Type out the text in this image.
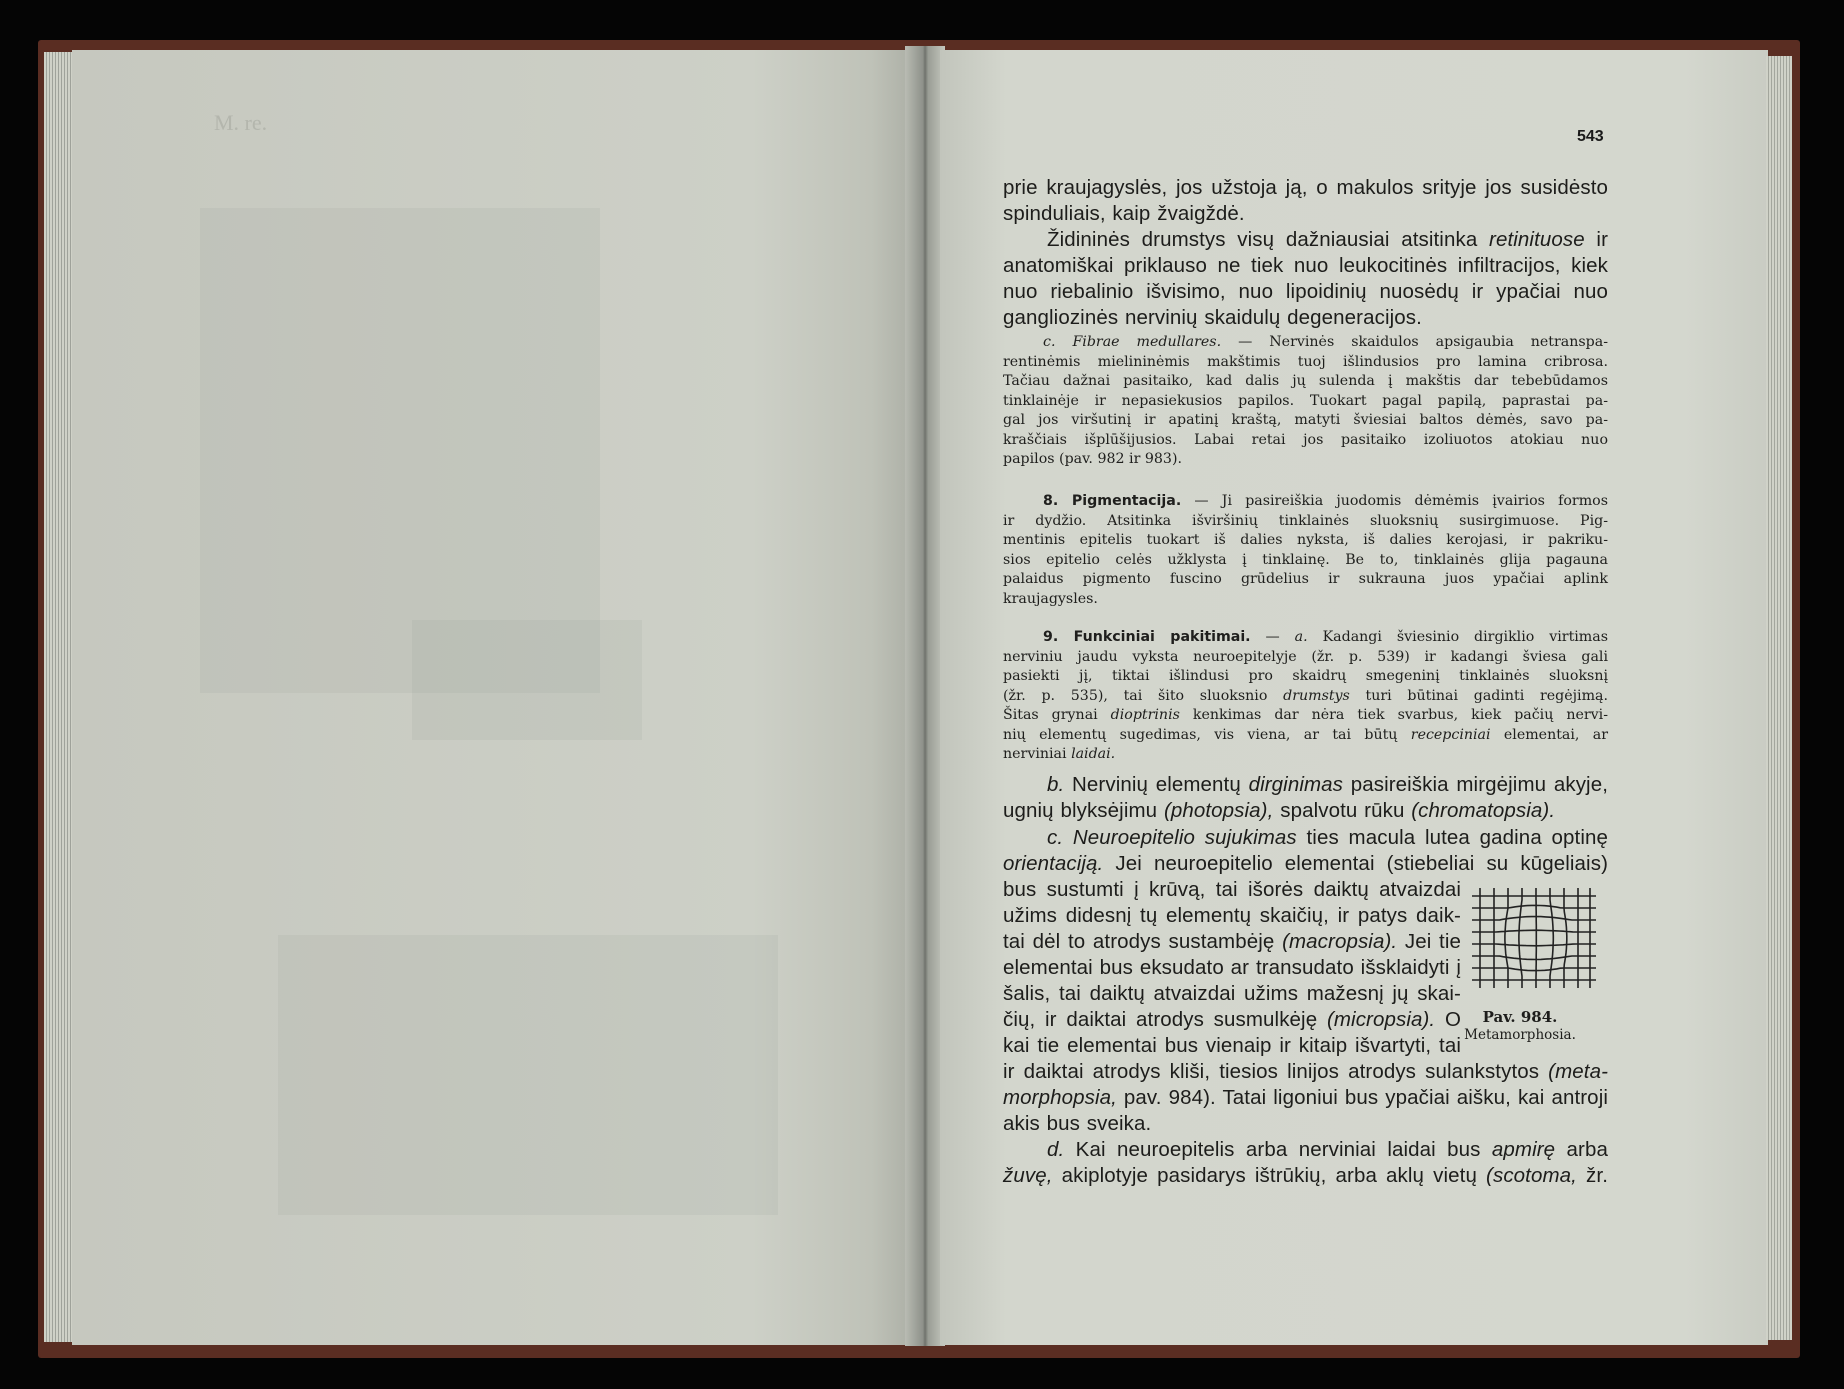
M. re.
543
prie kraujagyslės, jos užstoja ją, o makulos srityje jos susidėsto
spinduliais, kaip žvaigždė.
Židininės drumstys visų dažniausiai atsitinka retinituose ir
anatomiškai priklauso ne tiek nuo leukocitinės infiltracijos, kiek
nuo riebalinio išvisimo, nuo lipoidinių nuosėdų ir ypačiai nuo
gangliozinės nervinių skaidulų degeneracijos.
c. Fibrae medullares. — Nervinės skaidulos apsigaubia netranspa-
rentinėmis mielininėmis makštimis tuoj išlindusios pro lamina cribrosa.
Tačiau dažnai pasitaiko, kad dalis jų sulenda į makštis dar tebebūdamos
tinklainėje ir nepasiekusios papilos. Tuokart pagal papilą, paprastai pa-
gal jos viršutinį ir apatinį kraštą, matyti šviesiai baltos dėmės, savo pa-
kraščiais išplūšijusios. Labai retai jos pasitaiko izoliuotos atokiau nuo
papilos (pav. 982 ir 983).
8. Pigmentacija. — Ji pasireiškia juodomis dėmėmis įvairios formos
ir dydžio. Atsitinka išviršinių tinklainės sluoksnių susirgimuose. Pig-
mentinis epitelis tuokart iš dalies nyksta, iš dalies kerojasi, ir pakriku-
sios epitelio celės užklysta į tinklainę. Be to, tinklainės glija pagauna
palaidus pigmento fuscino grūdelius ir sukrauna juos ypačiai aplink
kraujagysles.
9. Funkciniai pakitimai. — a. Kadangi šviesinio dirgiklio virtimas
nerviniu jaudu vyksta neuroepitelyje (žr. p. 539) ir kadangi šviesa gali
pasiekti jį, tiktai išlindusi pro skaidrų smegeninį tinklainės sluoksnį
(žr. p. 535), tai šito sluoksnio drumstys turi būtinai gadinti regėjimą.
Šitas grynai dioptrinis kenkimas dar nėra tiek svarbus, kiek pačių nervi-
nių elementų sugedimas, vis viena, ar tai būtų recepciniai elementai, ar
nerviniai laidai.
b. Nervinių elementų dirginimas pasireiškia mirgėjimu akyje,
ugnių blyksėjimu (photopsia), spalvotu rūku (chromatopsia).
c. Neuroepitelio sujukimas ties macula lutea gadina optinę
orientaciją. Jei neuroepitelio elementai (stiebeliai su kūgeliais)
bus sustumti į krūvą, tai išorės daiktų atvaizdai
užims didesnį tų elementų skaičių, ir patys daik-
tai dėl to atrodys sustambėję (macropsia). Jei tie
elementai bus eksudato ar transudato išsklaidyti į
šalis, tai daiktų atvaizdai užims mažesnį jų skai-
čių, ir daiktai atrodys susmulkėję (micropsia). O
kai tie elementai bus vienaip ir kitaip išvartyti, tai
ir daiktai atrodys kliši, tiesios linijos atrodys sulankstytos (meta-
morphopsia, pav. 984). Tatai ligoniui bus ypačiai aišku, kai antroji
akis bus sveika.
d. Kai neuroepitelis arba nerviniai laidai bus apmirę arba
žuvę, akiplotyje pasidarys ištrūkių, arba aklų vietų (scotoma, žr.
Pav. 984.
Metamorphosia.
